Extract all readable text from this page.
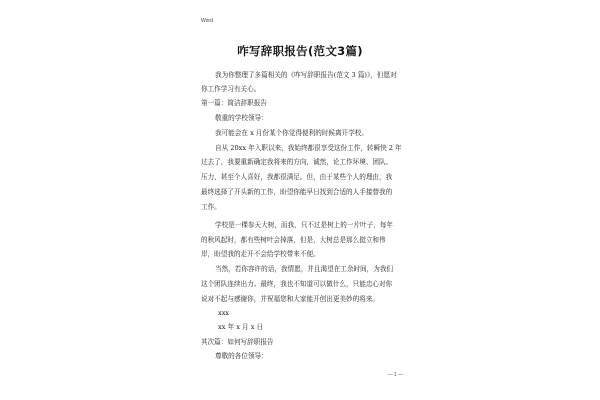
Word
咋写辞职报告(范文3篇)
我为你整理了多篇相关的《咋写辞职报告(范文 3 篇)》，但愿对
你工作学习有关心。
第一篇：简洁辞职报告
敬重的学校领导：
我可能会在 x 月份某个你觉得便利的时候离开学校。
自从 20xx 年入职以来，我始终都很享受这份工作，转瞬快 2 年
过去了，我要重新确定我将来的方向，诚然，论工作环境、团队、
压力，甚至个人喜好，我都很满足。但，由于某些个人的理由，我
最终选择了开头新的工作，盼望你能早日找到合适的人手接替我的
工作。
学校是一棵参天大树，而我，只不过是树上的一片叶子，每年
的秋风起时，都有些树叶会掉落，但是，大树总是那么挺立和伟
岸，盼望我的走开不会给学校带来不便。
当然，若你容许的话，我情愿，并且渴望在工余时间，为我们
这个团队连续出力。最终，我也不知道可以做什么，只能忠心对你
说对不起与感谢你，并祝福您和大家能开创出更美妙的将来。
xxx
xx 年 x 月 x 日
其次篇：如何写辞职报告
尊敬的各位领导：
— 1 —
